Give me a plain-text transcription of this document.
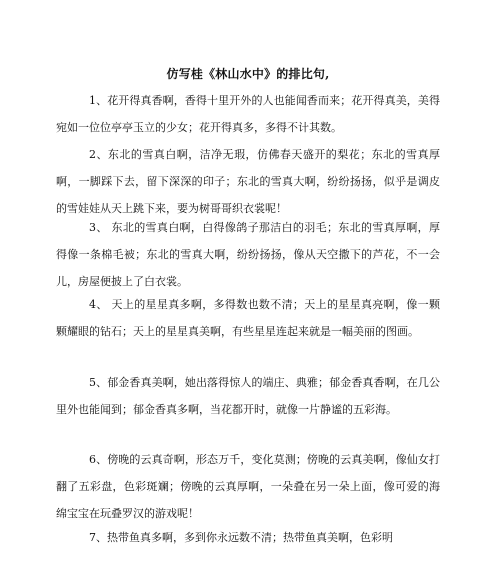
仿写桂《林山水中》的排比句,

1、花开得真香啊，香得十里开外的人也能闻香而来；花开得真美，美得宛如一位位亭亭玉立的少女；花开得真多，多得不计其数。

2、东北的雪真白啊，洁净无瑕，仿佛春天盛开的梨花；东北的雪真厚啊，一脚踩下去，留下深深的印子；东北的雪真大啊，纷纷扬扬，似乎是调皮的雪娃娃从天上跳下来，要为树哥哥织衣裳呢！

3、 东北的雪真白啊，白得像鸽子那洁白的羽毛；东北的雪真厚啊，厚得像一条棉毛被；东北的雪真大啊，纷纷扬扬，像从天空撒下的芦花，不一会儿，房屋便披上了白衣裳。

4、 天上的星星真多啊，多得数也数不清；天上的星星真亮啊，像一颗颗耀眼的钻石；天上的星星真美啊，有些星星连起来就是一幅美丽的图画。

5、郁金香真美啊，她出落得惊人的端庄、典雅；郁金香真香啊，在几公里外也能闻到；郁金香真多啊，当花都开时，就像一片静谧的五彩海。

6、傍晚的云真奇啊，形态万千，变化莫测；傍晚的云真美啊，像仙女打翻了五彩盘，色彩斑斓；傍晚的云真厚啊，一朵叠在另一朵上面，像可爱的海绵宝宝在玩叠罗汉的游戏呢！

7、热带鱼真多啊，多到你永远数不清；热带鱼真美啊，色彩明
